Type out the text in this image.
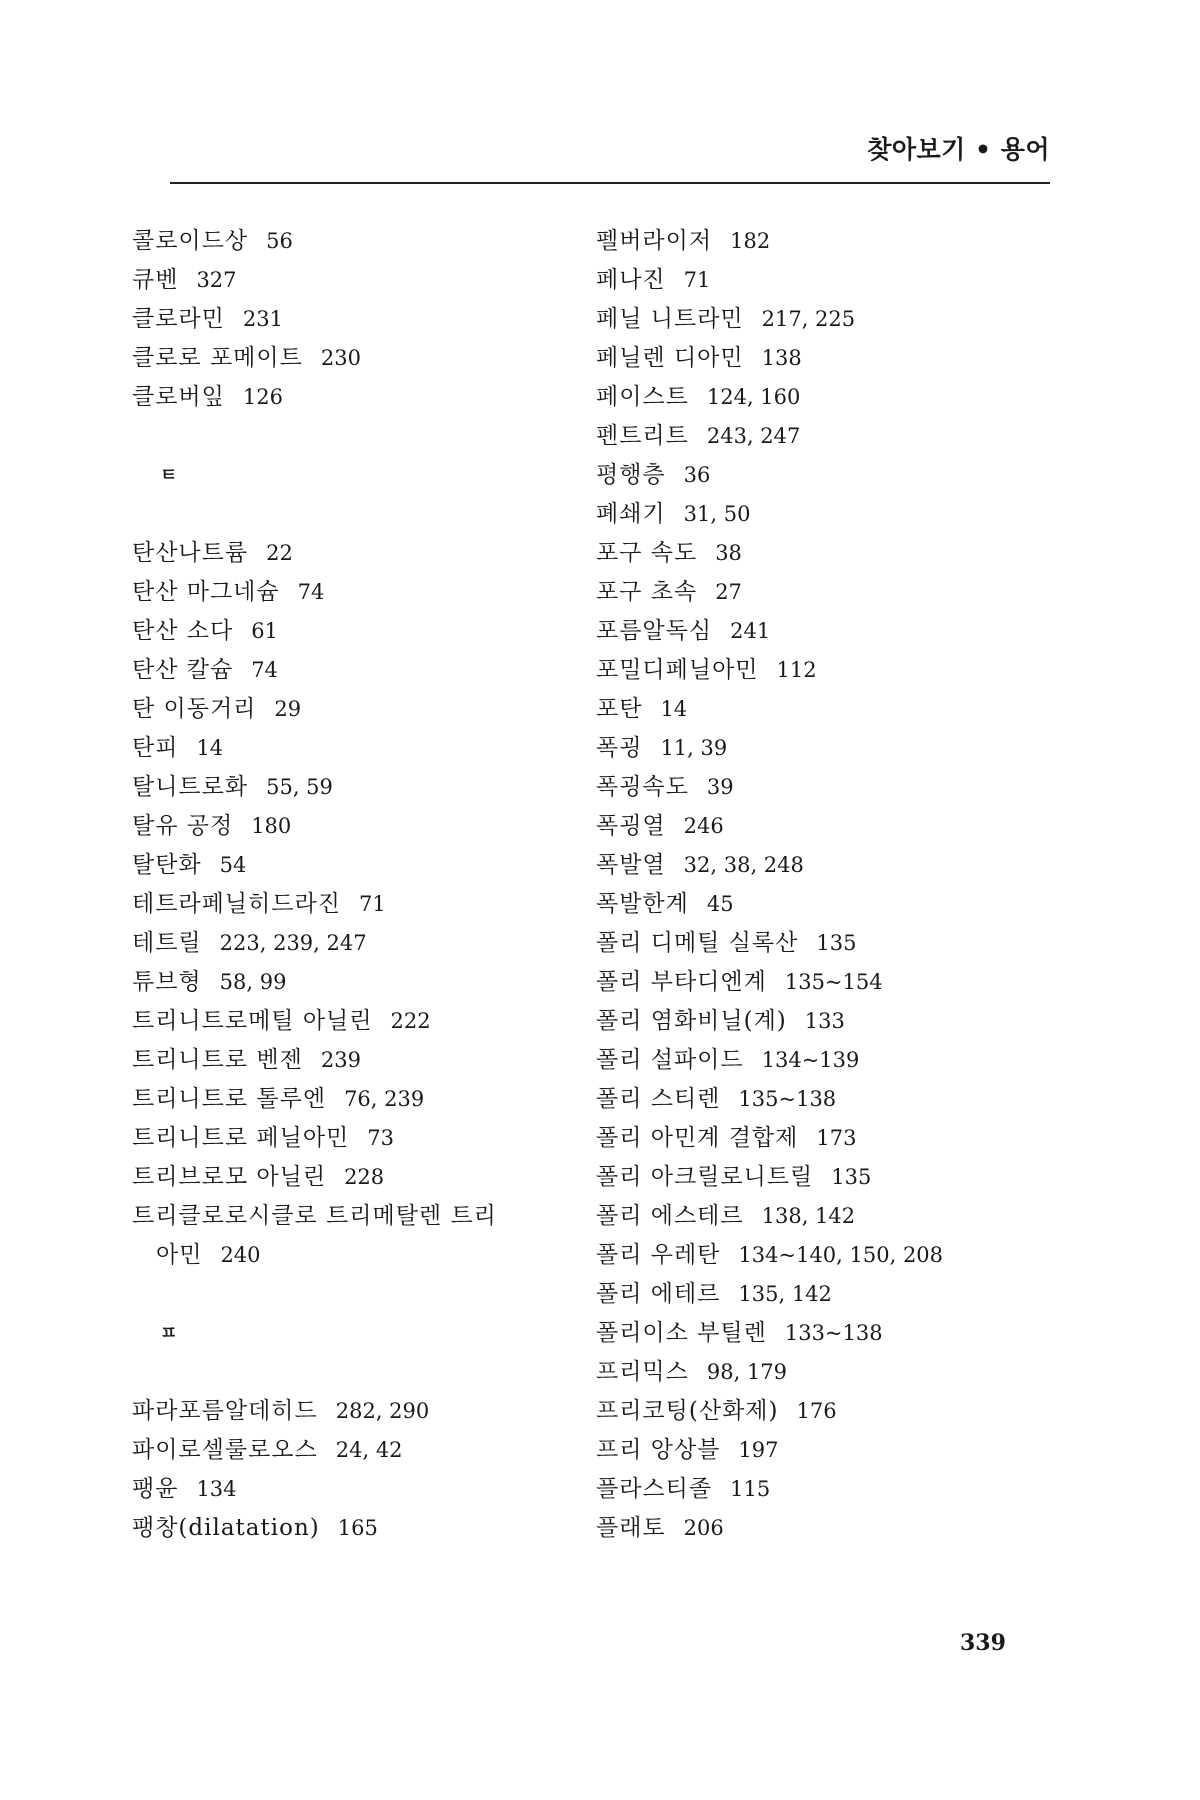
찾아보기 • 용어
콜로이드상 56
큐벤 327
클로라민 231
클로로 포메이트 230
클로버잎 126
ㅌ
탄산나트륨 22
탄산 마그네슘 74
탄산 소다 61
탄산 칼슘 74
탄 이동거리 29
탄피 14
탈니트로화 55, 59
탈유 공정 180
탈탄화 54
테트라페닐히드라진 71
테트릴 223, 239, 247
튜브형 58, 99
트리니트로메틸 아닐린 222
트리니트로 벤젠 239
트리니트로 톨루엔 76, 239
트리니트로 페닐아민 73
트리브로모 아닐린 228
트리클로로시클로 트리메탈렌 트리
아민 240
ㅍ
파라포름알데히드 282, 290
파이로셀룰로오스 24, 42
팽윤 134
팽창(dilatation) 165
펠버라이저 182
페나진 71
페닐 니트라민 217, 225
페닐렌 디아민 138
페이스트 124, 160
펜트리트 243, 247
평행층 36
폐쇄기 31, 50
포구 속도 38
포구 초속 27
포름알독심 241
포밀디페닐아민 112
포탄 14
폭굉 11, 39
폭굉속도 39
폭굉열 246
폭발열 32, 38, 248
폭발한계 45
폴리 디메틸 실록산 135
폴리 부타디엔계 135~154
폴리 염화비닐(계) 133
폴리 설파이드 134~139
폴리 스티렌 135~138
폴리 아민계 결합제 173
폴리 아크릴로니트릴 135
폴리 에스테르 138, 142
폴리 우레탄 134~140, 150, 208
폴리 에테르 135, 142
폴리이소 부틸렌 133~138
프리믹스 98, 179
프리코팅(산화제) 176
프리 앙상블 197
플라스티졸 115
플래토 206
339
